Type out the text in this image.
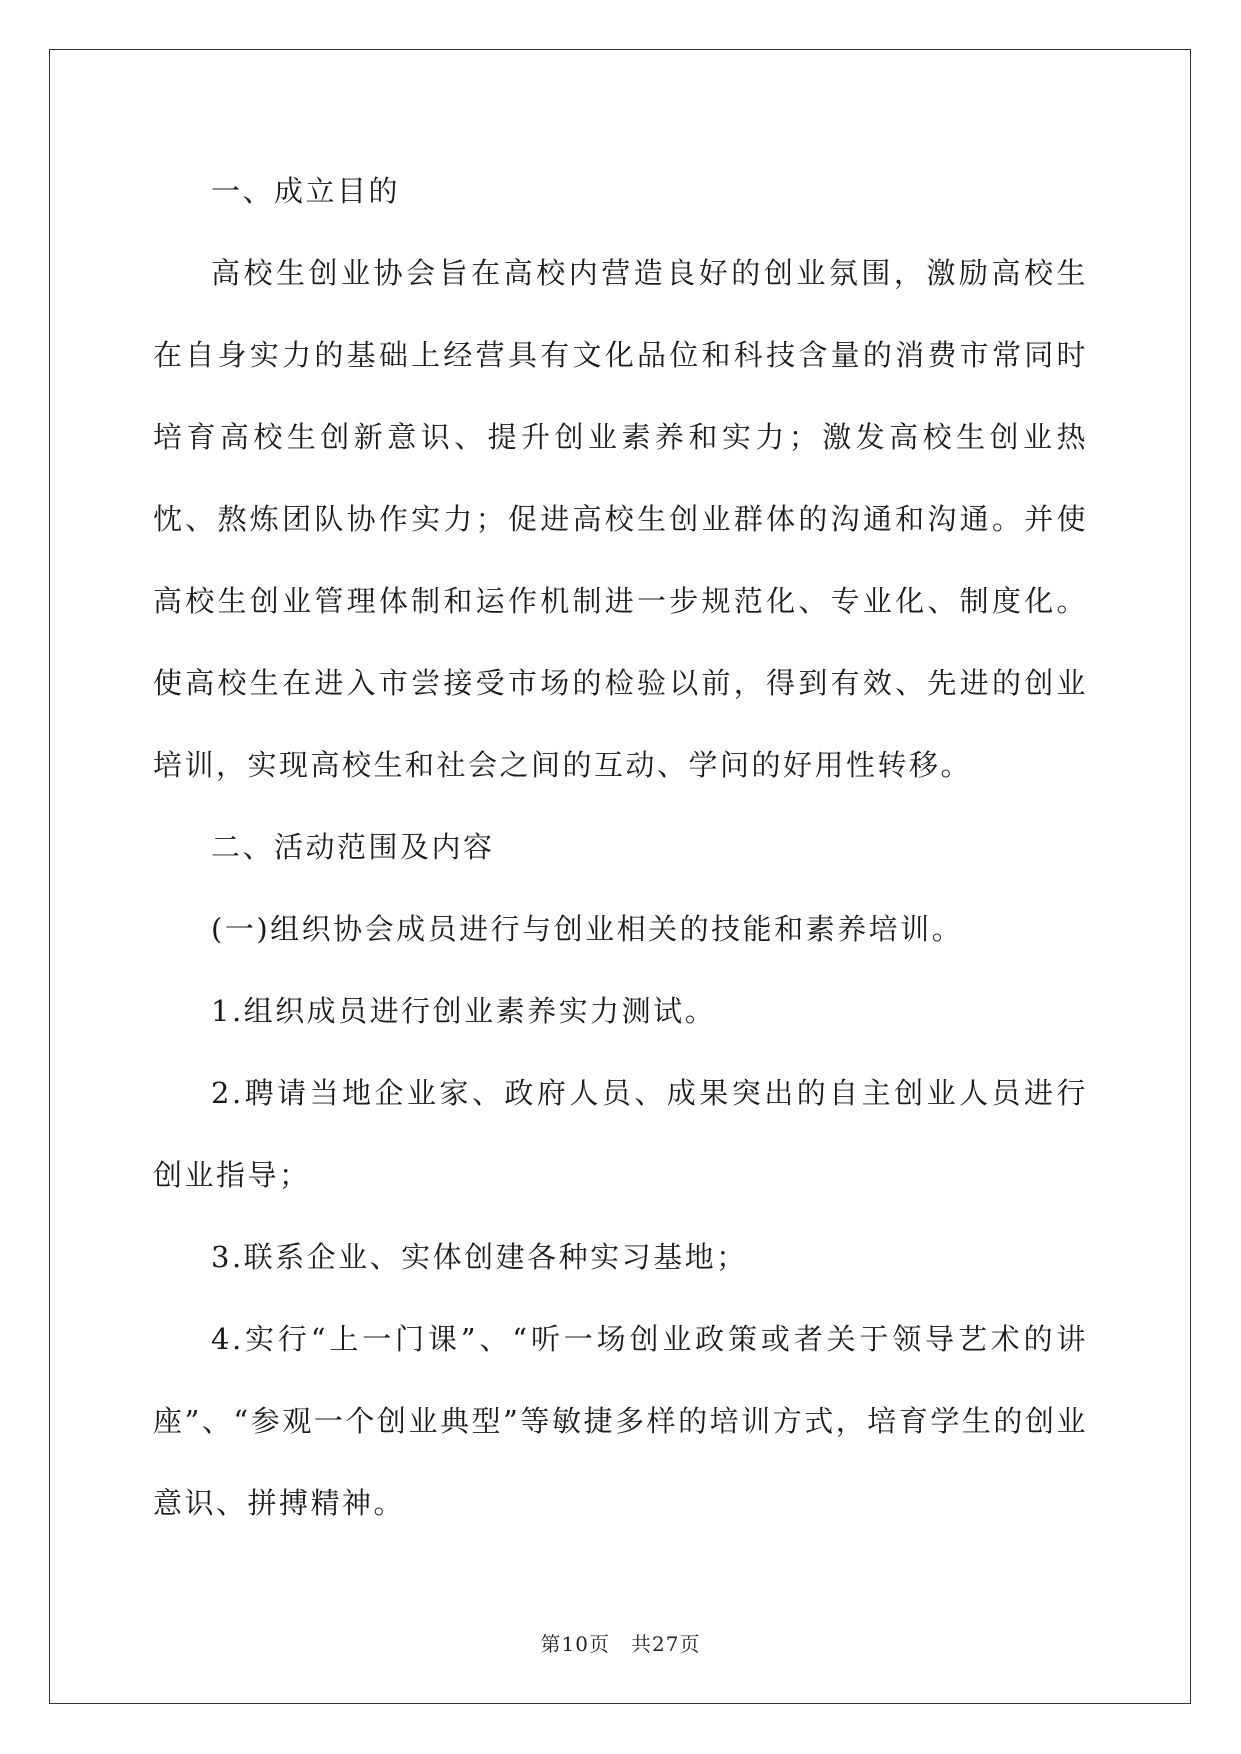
一、成立目的

高校生创业协会旨在高校内营造良好的创业氛围，激励高校生在自身实力的基础上经营具有文化品位和科技含量的消费市常同时培育高校生创新意识、提升创业素养和实力；激发高校生创业热忱、熬炼团队协作实力；促进高校生创业群体的沟通和沟通。并使高校生创业管理体制和运作机制进一步规范化、专业化、制度化。使高校生在进入市尝接受市场的检验以前，得到有效、先进的创业培训，实现高校生和社会之间的互动、学问的好用性转移。

二、活动范围及内容

(一)组织协会成员进行与创业相关的技能和素养培训。

1.组织成员进行创业素养实力测试。

2.聘请当地企业家、政府人员、成果突出的自主创业人员进行创业指导；

3.联系企业、实体创建各种实习基地；

4.实行“上一门课”、“听一场创业政策或者关于领导艺术的讲座”、“参观一个创业典型”等敏捷多样的培训方式，培育学生的创业意识、拼搏精神。

第10页　共27页
